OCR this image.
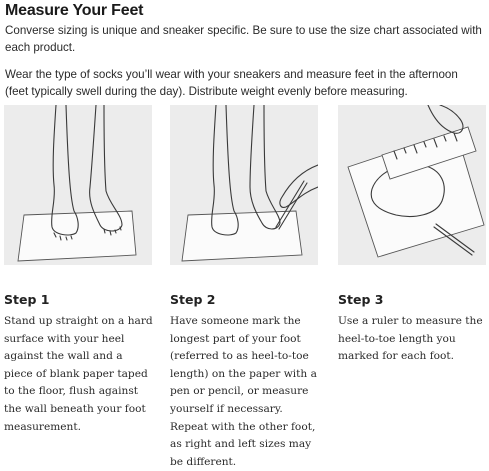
Measure Your Feet
Converse sizing is unique and sneaker specific. Be sure to use the size chart associated with each product.
Wear the type of socks you’ll wear with your sneakers and measure feet in the afternoon (feet typically swell during the day). Distribute weight evenly before measuring.
Step 1	Step 2	Step 3
Stand up straight on a hard surface with your heel against the wall and a piece of blank paper taped to the floor, flush against the wall beneath your foot measurement.
Have someone mark the longest part of your foot (referred to as heel-to-toe length) on the paper with a pen or pencil, or measure yourself if necessary. Repeat with the other foot, as right and left sizes may be different.
Use a ruler to measure the heel-to-toe length you marked for each foot.
